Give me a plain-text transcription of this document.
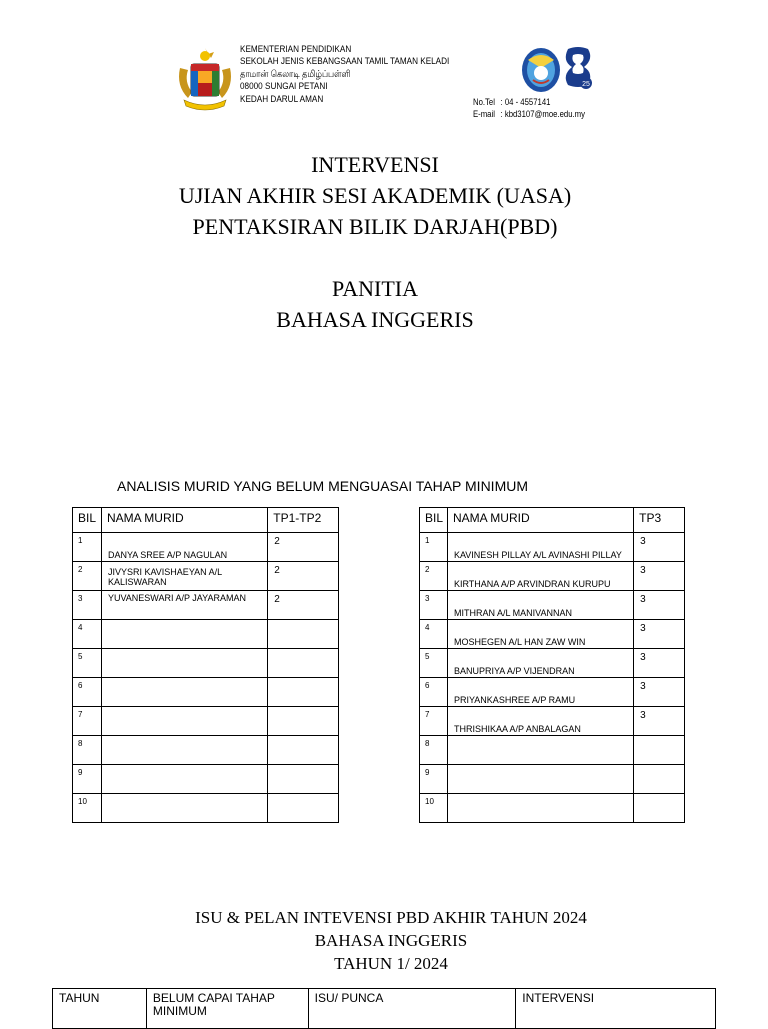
KEMENTERIAN PENDIDIKAN
SEKOLAH JENIS KEBANGSAAN TAMIL TAMAN KELADI
தாமான் கெலாடி தமிழ்ப்பள்ளி
08000 SUNGAI PETANI
KEDAH DARUL AMAN
25
No.Tel : 04 - 4557141
E-mail : kbd3107@moe.edu.my
INTERVENSI
UJIAN AKHIR SESI AKADEMIK (UASA)
PENTAKSIRAN BILIK DARJAH(PBD)
PANITIA
BAHASA INGGERIS
ANALISIS MURID YANG BELUM MENGUASAI TAHAP MINIMUM
BIL	NAMA MURID	TP1-TP2
1	DANYA SREE A/P NAGULAN	2
2	JIVYSRI KAVISHAEYAN A/L KALISWARAN	2
3	YUVANESWARI A/P JAYARAMAN	2
4		
5		
6		
7		
8		
9		
10		
BIL	NAMA MURID	TP3
1	KAVINESH PILLAY A/L AVINASHI PILLAY	3
2	KIRTHANA A/P ARVINDRAN KURUPU	3
3	MITHRAN A/L MANIVANNAN	3
4	MOSHEGEN A/L HAN ZAW WIN	3
5	BANUPRIYA A/P VIJENDRAN	3
6	PRIYANKASHREE A/P RAMU	3
7	THRISHIKAA A/P ANBALAGAN	3
8		
9		
10		
ISU & PELAN INTEVENSI PBD AKHIR TAHUN 2024
BAHASA INGGERIS
TAHUN 1/ 2024
TAHUN	BELUM CAPAI TAHAP MINIMUM	ISU/ PUNCA	INTERVENSI
